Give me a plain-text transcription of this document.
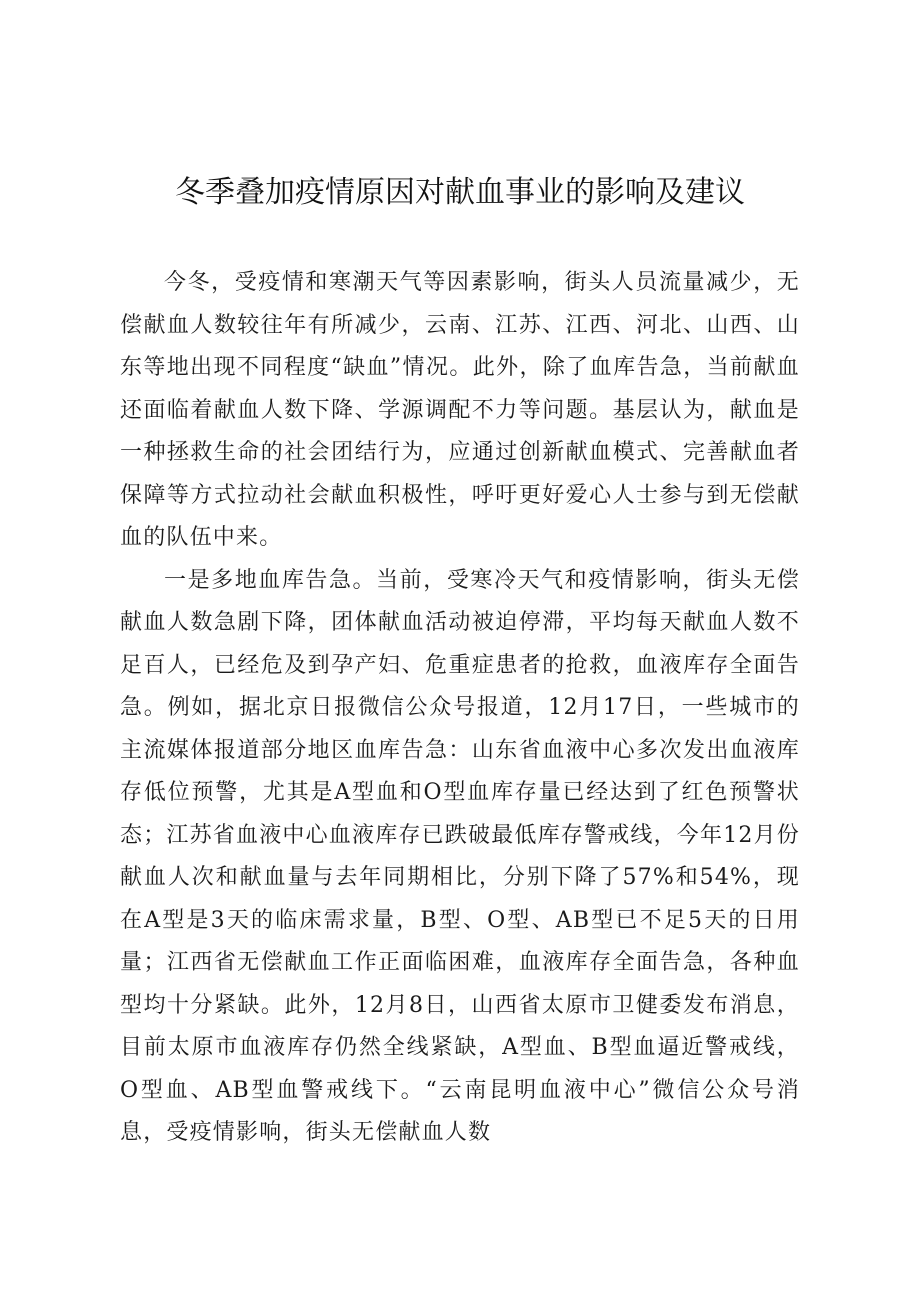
冬季叠加疫情原因对献血事业的影响及建议

今冬，受疫情和寒潮天气等因素影响，街头人员流量减少，无偿献血人数较往年有所减少，云南、江苏、江西、河北、山西、山东等地出现不同程度“缺血”情况。此外，除了血库告急，当前献血还面临着献血人数下降、学源调配不力等问题。基层认为，献血是一种拯救生命的社会团结行为，应通过创新献血模式、完善献血者保障等方式拉动社会献血积极性，呼吁更好爱心人士参与到无偿献血的队伍中来。

一是多地血库告急。当前，受寒冷天气和疫情影响，街头无偿献血人数急剧下降，团体献血活动被迫停滞，平均每天献血人数不足百人，已经危及到孕产妇、危重症患者的抢救，血液库存全面告急。例如，据北京日报微信公众号报道，12月17日，一些城市的主流媒体报道部分地区血库告急：山东省血液中心多次发出血液库存低位预警，尤其是A型血和O型血库存量已经达到了红色预警状态；江苏省血液中心血液库存已跌破最低库存警戒线，今年12月份献血人次和献血量与去年同期相比，分别下降了57%和54%，现在A型是3天的临床需求量，B型、O型、AB型已不足5天的日用量；江西省无偿献血工作正面临困难，血液库存全面告急，各种血型均十分紧缺。此外，12月8日，山西省太原市卫健委发布消息，目前太原市血液库存仍然全线紧缺，A型血、B型血逼近警戒线，O型血、AB型血警戒线下。“云南昆明血液中心”微信公众号消息，受疫情影响，街头无偿献血人数
